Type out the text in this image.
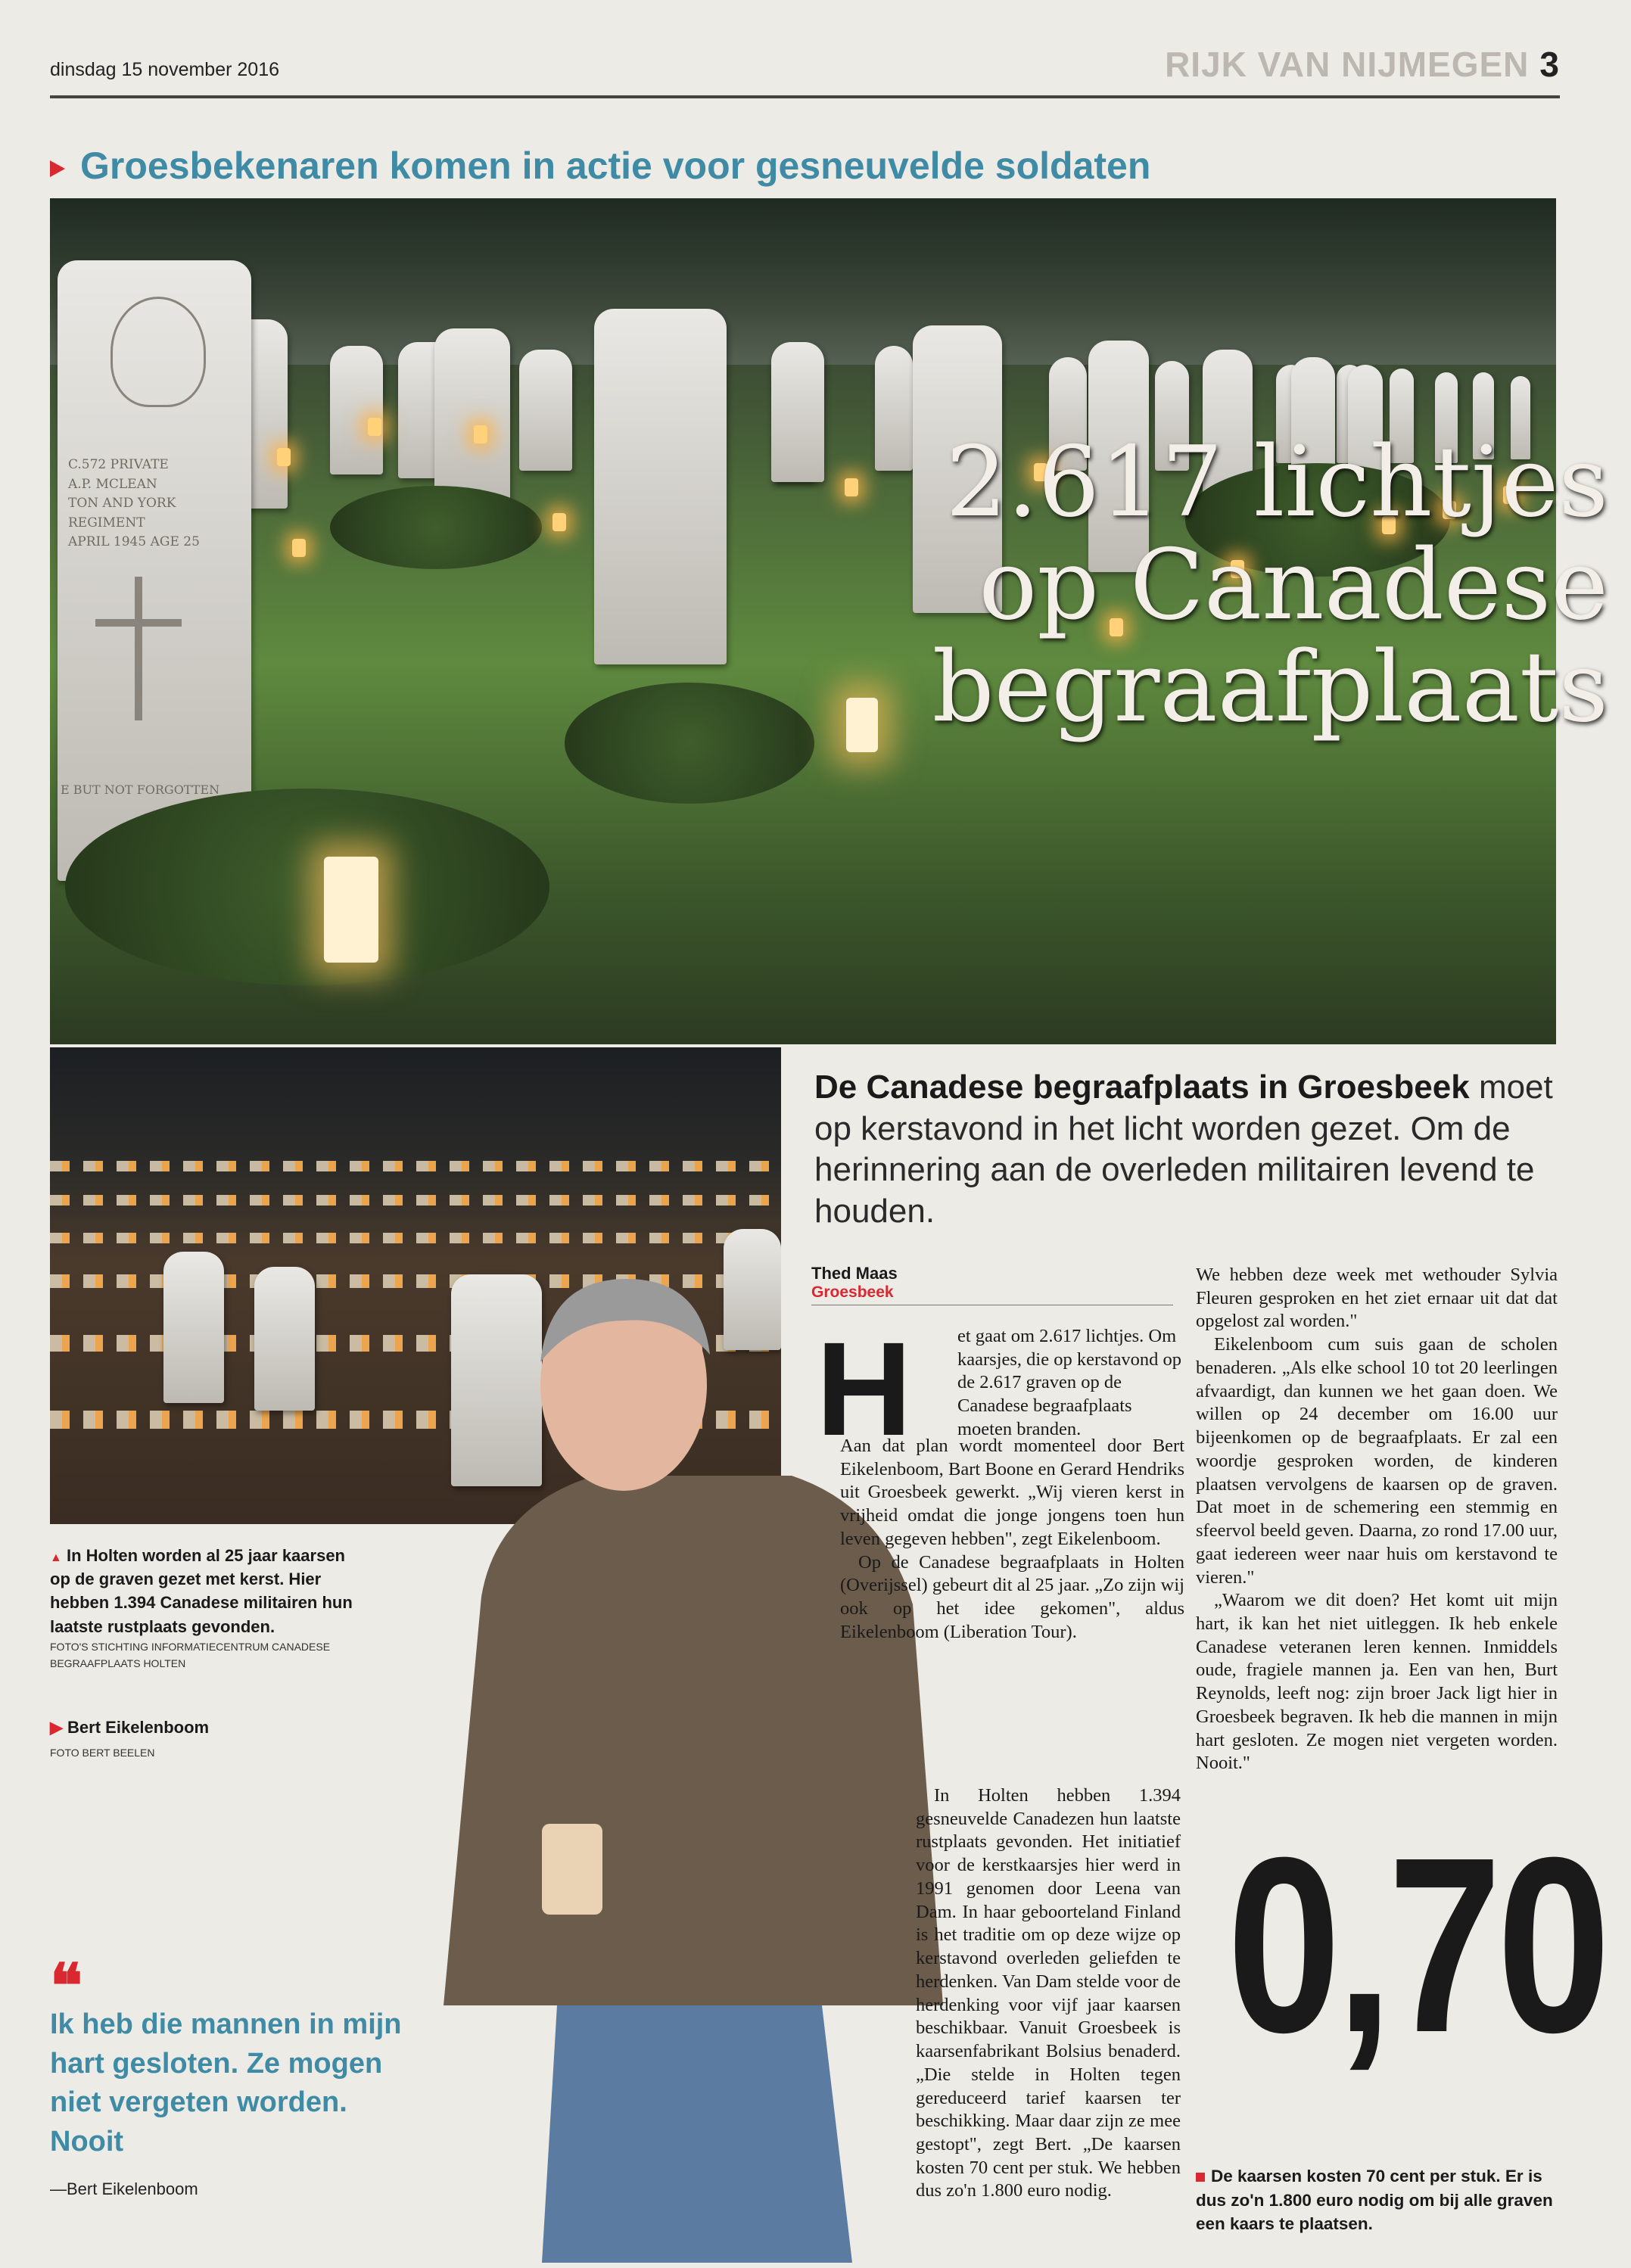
dinsdag 15 november 2016	RIJK VAN NIJMEGEN 3
Groesbekenaren komen in actie voor gesneuvelde soldaten
C.572 PRIVATE
A.P. MCLEAN
TON AND YORK REGIMENT
APRIL 1945 AGE 25
E BUT NOT FORGOTTEN
2.617 lichtjes
op Canadese
begraafplaats
▲ In Holten worden al 25 jaar kaarsen op de graven gezet met kerst. Hier hebben 1.394 Canadese militairen hun laatste rustplaats gevonden.
FOTO'S STICHTING INFORMATIECENTRUM CANADESE BEGRAAFPLAATS HOLTEN
▶ Bert Eikelenboom
FOTO BERT BEELEN
❝
Ik heb die mannen in mijn hart gesloten. Ze mogen niet vergeten worden. Nooit
—Bert Eikelenboom
De Canadese begraafplaats in Groesbeek moet op kerstavond in het licht worden gezet. Om de herinnering aan de overleden militairen levend te houden.
Thed Maas
Groesbeek
H et gaat om 2.617 lichtjes. Om kaarsjes, die op kerstavond op de 2.617 graven op de Canadese begraafplaats moeten branden.

Aan dat plan wordt momenteel door Bert Eikelenboom, Bart Boone en Gerard Hendriks uit Groesbeek gewerkt. „Wij vieren kerst in vrijheid omdat die jonge jongens toen hun leven gegeven hebben", zegt Eikelenboom.

Op de Canadese begraafplaats in Holten (Overijssel) gebeurt dit al 25 jaar. „Zo zijn wij ook op het idee gekomen", aldus Eikelenboom (Liberation Tour).

In Holten hebben 1.394 gesneuvelde Canadezen hun laatste rustplaats gevonden. Het initiatief voor de kerstkaarsjes hier werd in 1991 genomen door Leena van Dam. In haar geboorteland Finland is het traditie om op deze wijze op kerstavond overleden geliefden te herdenken. Van Dam stelde voor de herdenking voor vijf jaar kaarsen beschikbaar. Vanuit Groesbeek is kaarsenfabrikant Bolsius benaderd. „Die stelde in Holten tegen gereduceerd tarief kaarsen ter beschikking. Maar daar zijn ze mee gestopt", zegt Bert. „De kaarsen kosten 70 cent per stuk. We hebben dus zo'n 1.800 euro nodig.

We hebben deze week met wethouder Sylvia Fleuren gesproken en het ziet ernaar uit dat dat opgelost zal worden."

Eikelenboom cum suis gaan de scholen benaderen. „Als elke school 10 tot 20 leerlingen afvaardigt, dan kunnen we het gaan doen. We willen op 24 december om 16.00 uur bijeenkomen op de begraafplaats. Er zal een woordje gesproken worden, de kinderen plaatsen vervolgens de kaarsen op de graven. Dat moet in de schemering een stemmig en sfeervol beeld geven. Daarna, zo rond 17.00 uur, gaat iedereen weer naar huis om kerstavond te vieren."

„Waarom we dit doen? Het komt uit mijn hart, ik kan het niet uitleggen. Ik heb enkele Canadese veteranen leren kennen. Inmiddels oude, fragiele mannen ja. Een van hen, Burt Reynolds, leeft nog: zijn broer Jack ligt hier in Groesbeek begraven. Ik heb die mannen in mijn hart gesloten. Ze mogen niet vergeten worden. Nooit."

0,70
De kaarsen kosten 70 cent per stuk. Er is dus zo'n 1.800 euro nodig om bij alle graven een kaars te plaatsen.
